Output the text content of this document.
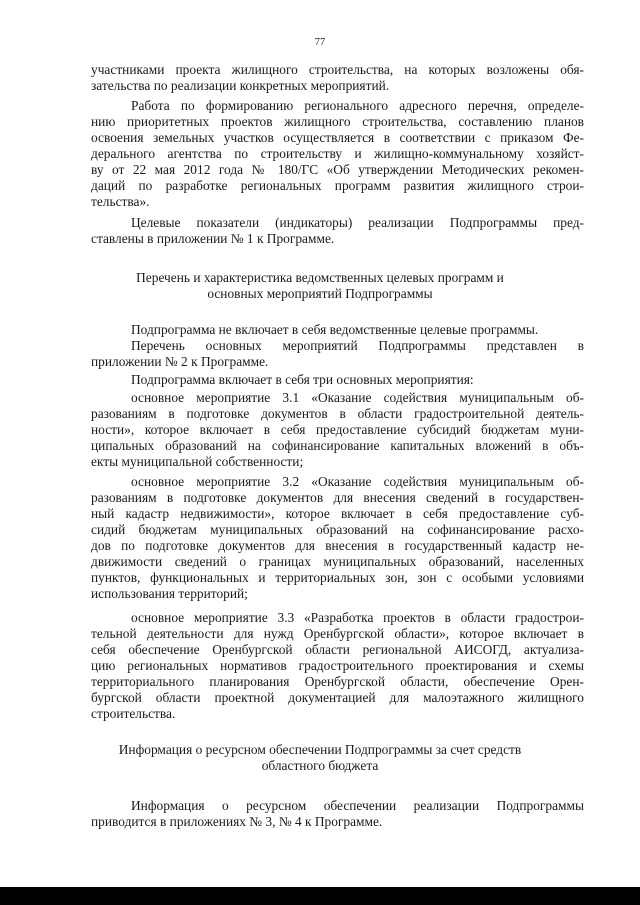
77
участниками проекта жилищного строительства, на которых возложены обя-
зательства по реализации конкретных мероприятий.
Работа по формированию регионального адресного перечня, определе-
нию приоритетных проектов жилищного строительства, составлению планов
освоения земельных участков осуществляется в соответствии с приказом Фе-
дерального агентства по строительству и жилищно-коммунальному хозяйст-
ву от 22 мая 2012 года № 180/ГС «Об утверждении Методических рекомен-
даций по разработке региональных программ развития жилищного строи-
тельства».
Целевые показатели (индикаторы) реализации Подпрограммы пред-
ставлены в приложении № 1 к Программе.
Перечень и характеристика ведомственных целевых программ и
основных мероприятий Подпрограммы
Подпрограмма не включает в себя ведомственные целевые программы.
Перечень основных мероприятий Подпрограммы представлен в
приложении № 2 к Программе.
Подпрограмма включает в себя три основных мероприятия:
основное мероприятие 3.1 «Оказание содействия муниципальным об-
разованиям в подготовке документов в области градостроительной деятель-
ности», которое включает в себя предоставление субсидий бюджетам муни-
ципальных образований на софинансирование капитальных вложений в объ-
екты муниципальной собственности;
основное мероприятие 3.2 «Оказание содействия муниципальным об-
разованиям в подготовке документов для внесения сведений в государствен-
ный кадастр недвижимости», которое включает в себя предоставление суб-
сидий бюджетам муниципальных образований на софинансирование расхо-
дов по подготовке документов для внесения в государственный кадастр не-
движимости сведений о границах муниципальных образований, населенных
пунктов, функциональных и территориальных зон, зон с особыми условиями
использования территорий;
основное мероприятие 3.3 «Разработка проектов в области градострои-
тельной деятельности для нужд Оренбургской области», которое включает в
себя обеспечение Оренбургской области региональной АИСОГД, актуализа-
цию региональных нормативов градостроительного проектирования и схемы
территориального планирования Оренбургской области, обеспечение Орен-
бургской области проектной документацией для малоэтажного жилищного
строительства.
Информация о ресурсном обеспечении Подпрограммы за счет средств
областного бюджета
Информация о ресурсном обеспечении реализации Подпрограммы
приводится в приложениях № 3, № 4 к Программе.
